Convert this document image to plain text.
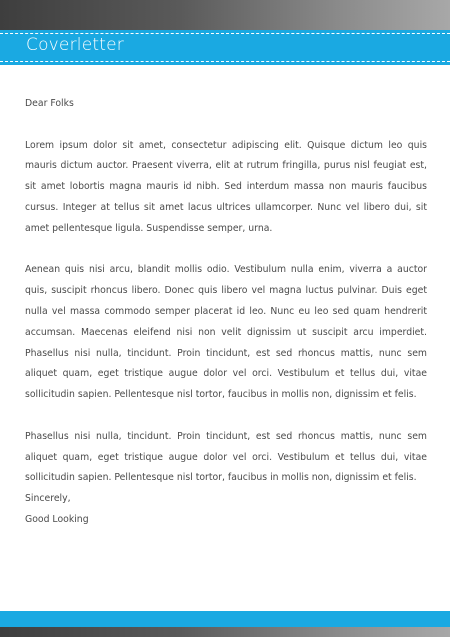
Coverletter

Dear Folks

Lorem ipsum dolor sit amet, consectetur adipiscing elit. Quisque dictum leo quis mauris dictum auctor. Praesent viverra, elit at rutrum fringilla, purus nisl feugiat est, sit amet lobortis magna mauris id nibh. Sed interdum massa non mauris faucibus cursus. Integer at tellus sit amet lacus ultrices ullamcorper. Nunc vel libero dui, sit amet pellentesque ligula. Suspendisse semper, urna.

Aenean quis nisi arcu, blandit mollis odio. Vestibulum nulla enim, viverra a auctor quis, suscipit rhoncus libero. Donec quis libero vel magna luctus pulvinar. Duis eget nulla vel massa commodo semper placerat id leo. Nunc eu leo sed quam hendrerit accumsan. Maecenas eleifend nisi non velit dignissim ut suscipit arcu imperdiet. Phasellus nisi nulla, tincidunt. Proin tincidunt, est sed rhoncus mattis, nunc sem aliquet quam, eget tristique augue dolor vel orci. Vestibulum et tellus dui, vitae sollicitudin sapien. Pellentesque nisl tortor, faucibus in mollis non, dignissim et felis.

Phasellus nisi nulla, tincidunt. Proin tincidunt, est sed rhoncus mattis, nunc sem aliquet quam, eget tristique augue dolor vel orci. Vestibulum et tellus dui, vitae sollicitudin sapien. Pellentesque nisl tortor, faucibus in mollis non, dignissim et felis.

Sincerely,

Good Looking
